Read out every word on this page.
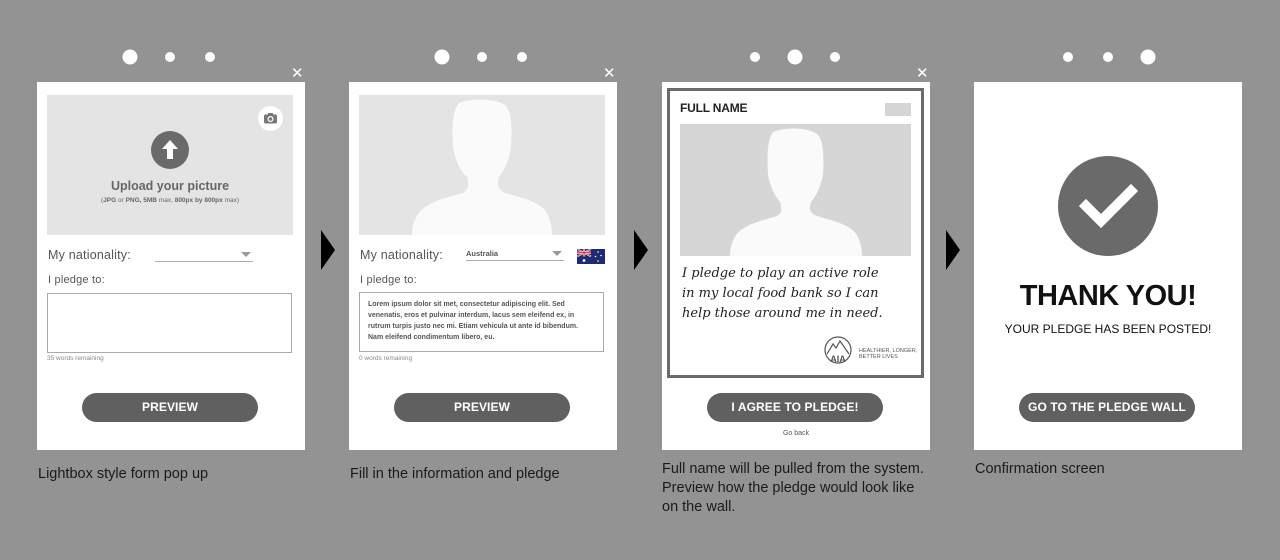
✕	✕	✕
Upload your picture
(JPG or PNG, 5MB max, 800px by 800px max)
My nationality:
I pledge to:
35 words remaining
PREVIEW
My nationality:	Australia
I pledge to:
Lorem ipsum dolor sit met, consectetur adipiscing elit. Sed venenatis, eros et pulvinar interdum, lacus sem eleifend ex, in rutrum turpis justo nec mi. Etiam vehicula ut ante id bibendum. Nam eleifend condimentum libero, eu.
0 words remaining
PREVIEW
FULL NAME
I pledge to play an active role
in my local food bank so I can
help those around me in need.
AIA
HEALTHIER, LONGER,
BETTER LIVES
I AGREE TO PLEDGE!
Go back
THANK YOU!
YOUR PLEDGE HAS BEEN POSTED!
GO TO THE PLEDGE WALL
Lightbox style form pop up	Fill in the information and pledge	Full name will be pulled from the system.
Preview how the pledge would look like
on the wall.
Confirmation screen
